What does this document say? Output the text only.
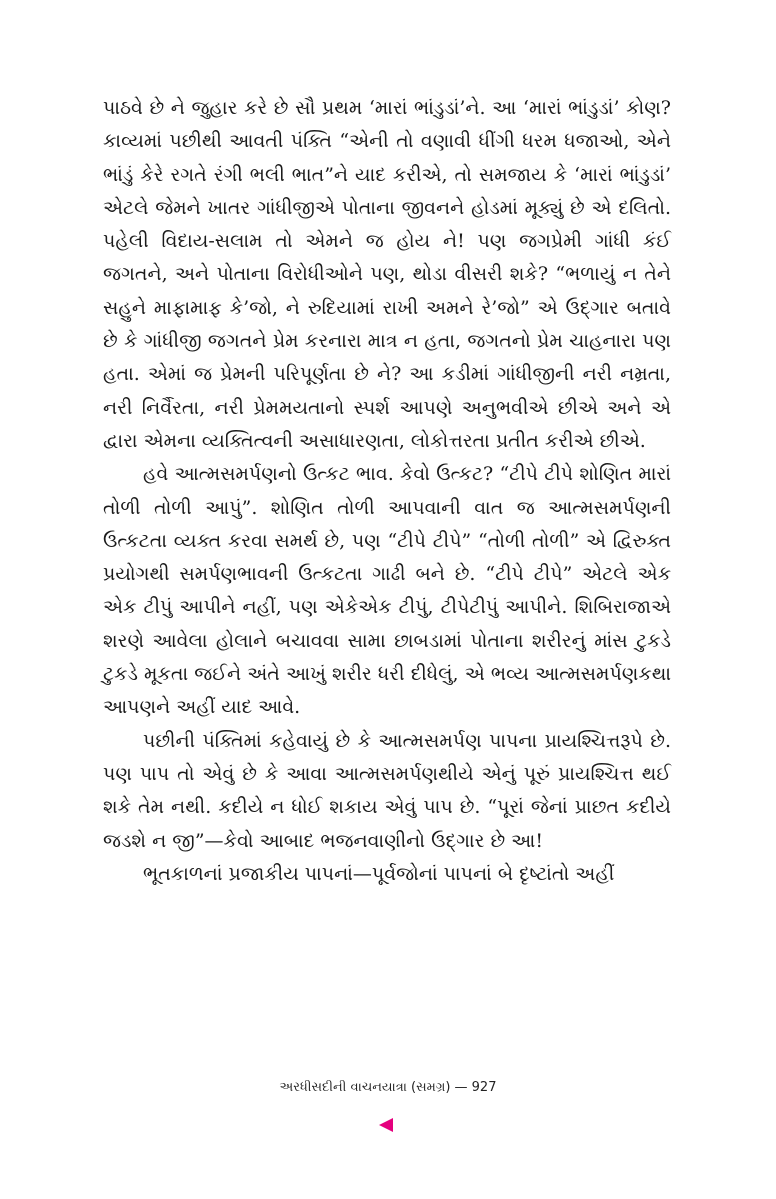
પાઠવે છે ને જુહાર કરે છે સૌ પ્રથમ ‘મારાં ભાંડુડાં’ને. આ ‘મારાં ભાંડુડાં’ કોણ? કાવ્યમાં પછીથી આવતી પંક્તિ “એની તો વણાવી ધીંગી ધરમ ધજાઓ, એને ભાંડું કેરે રગતે રંગી ભલી ભાત”ને યાદ કરીએ, તો સમજાય કે ‘મારાં ભાંડુડાં’ એટલે જેમને ખાતર ગાંધીજીએ પોતાના જીવનને હોડમાં મૂક્યું છે એ દલિતો. પહેલી વિદાય-સલામ તો એમને જ હોય ને! પણ જગપ્રેમી ગાંધી કંઈ જગતને, અને પોતાના વિરોધીઓને પણ, થોડા વીસરી શકે? “ભળાયું ન તેને સહુને માફામાફ કે’જો, ને રુદિયામાં રાખી અમને રે’જો” એ ઉદ્ગાર બતાવે છે કે ગાંધીજી જગતને પ્રેમ કરનારા માત્ર ન હતા, જગતનો પ્રેમ ચાહનારા પણ હતા. એમાં જ પ્રેમની પરિપૂર્ણતા છે ને? આ કડીમાં ગાંધીજીની નરી નમ્રતા, નરી નિર્વૈરતા, નરી પ્રેમમયતાનો સ્પર્શ આપણે અનુભવીએ છીએ અને એ દ્વારા એમના વ્યક્તિત્વની અસાધારણતા, લોકોત્તરતા પ્રતીત કરીએ છીએ.

હવે આત્મસમર્પણનો ઉત્કટ ભાવ. કેવો ઉત્કટ? “ટીપે ટીપે શોણિત મારાં તોળી તોળી આપું”. શોણિત તોળી આપવાની વાત જ આત્મસમર્પણની ઉત્કટતા વ્યક્ત કરવા સમર્થ છે, પણ “ટીપે ટીપે” “તોળી તોળી” એ દ્વિરુક્ત પ્રયોગથી સમર્પણભાવની ઉત્કટતા ગાઢી બને છે. “ટીપે ટીપે” એટલે એક એક ટીપું આપીને નહીં, પણ એકેએક ટીપું, ટીપેટીપું આપીને. શિબિરાજાએ શરણે આવેલા હોલાને બચાવવા સામા છાબડામાં પોતાના શરીરનું માંસ ટુકડે ટુકડે મૂકતા જઈને અંતે આખું શરીર ધરી દીધેલું, એ ભવ્ય આત્મસમર્પણકથા આપણને અહીં યાદ આવે.

પછીની પંક્તિમાં કહેવાયું છે કે આત્મસમર્પણ પાપના પ્રાયશ્ચિત્તરૂપે છે. પણ પાપ તો એવું છે કે આવા આત્મસમર્પણથીયે એનું પૂરું પ્રાયશ્ચિત્ત થઈ શકે તેમ નથી. કદીયે ન ધોઈ શકાય એવું પાપ છે. “પૂરાં જેનાં પ્રાછત કદીયે જડશે ન જી”—કેવો આબાદ ભજનવાણીનો ઉદ્ગાર છે આ!

ભૂતકાળનાં પ્રજાકીય પાપનાં—પૂર્વજોનાં પાપનાં બે દૃષ્ટાંતો અહીં

અરધીસદીની વાચનયાત્રા (સમગ્ર) — 927
